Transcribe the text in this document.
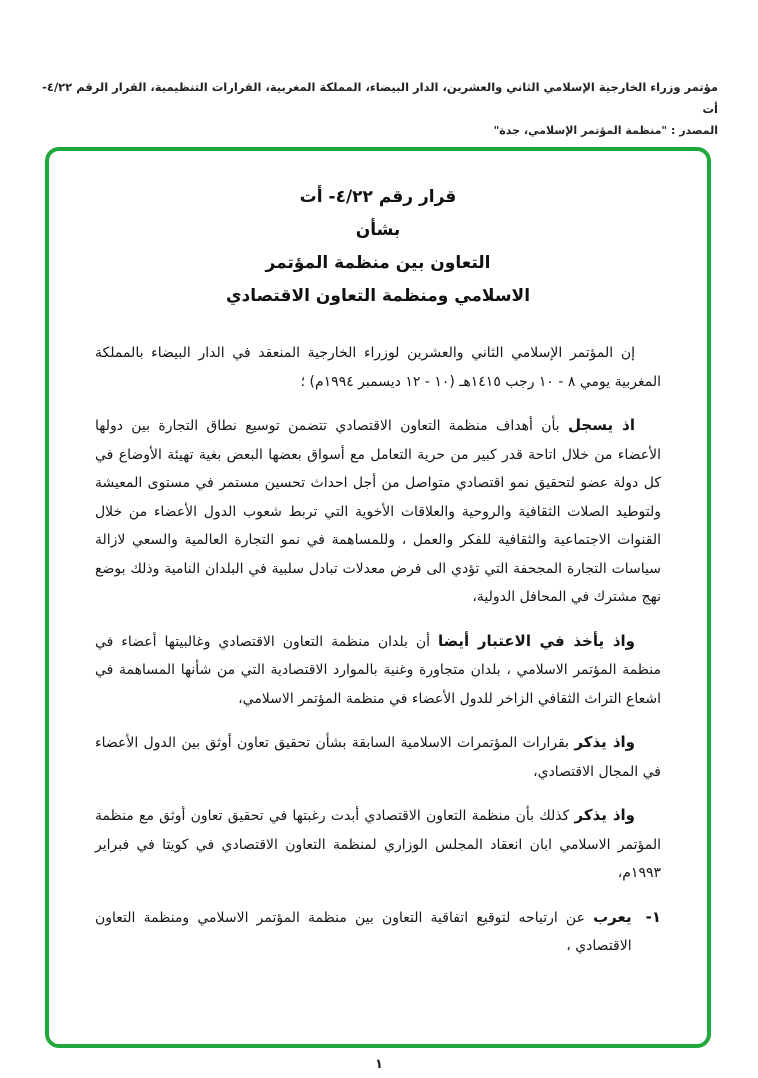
مؤتمر وزراء الخارجية الإسلامي الثاني والعشرين، الدار البيضاء، المملكة المغربية، القرارات التنظيمية، القرار الرقم ٤/٢٢- أت
المصدر : "منظمة المؤتمر الإسلامي، جدة"
قرار رقم ٤/٢٢- أت
بشأن
التعاون بين منظمة المؤتمر
الاسلامي ومنظمة التعاون الاقتصادي
إن المؤتمر الإسلامي الثاني والعشرين لوزراء الخارجية المنعقد في الدار البيضاء بالمملكة المغربية يومي ٨ - ١٠ رجب ١٤١٥هـ (١٠ - ١٢ ديسمبر ١٩٩٤م) ؛
اذ يسجل بأن أهداف منظمة التعاون الاقتصادي تتضمن توسيع نطاق التجارة بين دولها الأعضاء من خلال اتاحة قدر كبير من حرية التعامل مع أسواق بعضها البعض بغية تهيئة الأوضاع في كل دولة عضو لتحقيق نمو اقتصادي متواصل من أجل احداث تحسين مستمر في مستوى المعيشة ولتوطيد الصلات الثقافية والروحية والعلاقات الأخوية التي تربط شعوب الدول الأعضاء من خلال القنوات الاجتماعية والثقافية للفكر والعمل ، وللمساهمة في نمو التجارة العالمية والسعي لازالة سياسات التجارة المجحفة التي تؤدي الى فرض معدلات تبادل سلبية في البلدان النامية وذلك بوضع نهج مشترك في المحافل الدولية،
واذ يأخذ في الاعتبار أيضا أن بلدان منظمة التعاون الاقتصادي وغالبيتها أعضاء في منظمة المؤتمر الاسلامي ، بلدان متجاورة وغنية بالموارد الاقتصادية التي من شأنها المساهمة في اشعاع التراث الثقافي الزاخر للدول الأعضاء في منظمة المؤتمر الاسلامي،
واذ يذكر بقرارات المؤتمرات الاسلامية السابقة بشأن تحقيق تعاون أوثق بين الدول الأعضاء في المجال الاقتصادي،
واذ يذكر كذلك بأن منظمة التعاون الاقتصادي أبدت رغبتها في تحقيق تعاون أوثق مع منظمة المؤتمر الاسلامي ابان انعقاد المجلس الوزاري لمنظمة التعاون الاقتصادي في كويتا في فبراير ١٩٩٣م،
١-
يعرب عن ارتياحه لتوقيع اتفاقية التعاون بين منظمة المؤتمر الاسلامي ومنظمة التعاون الاقتصادي ،
١
